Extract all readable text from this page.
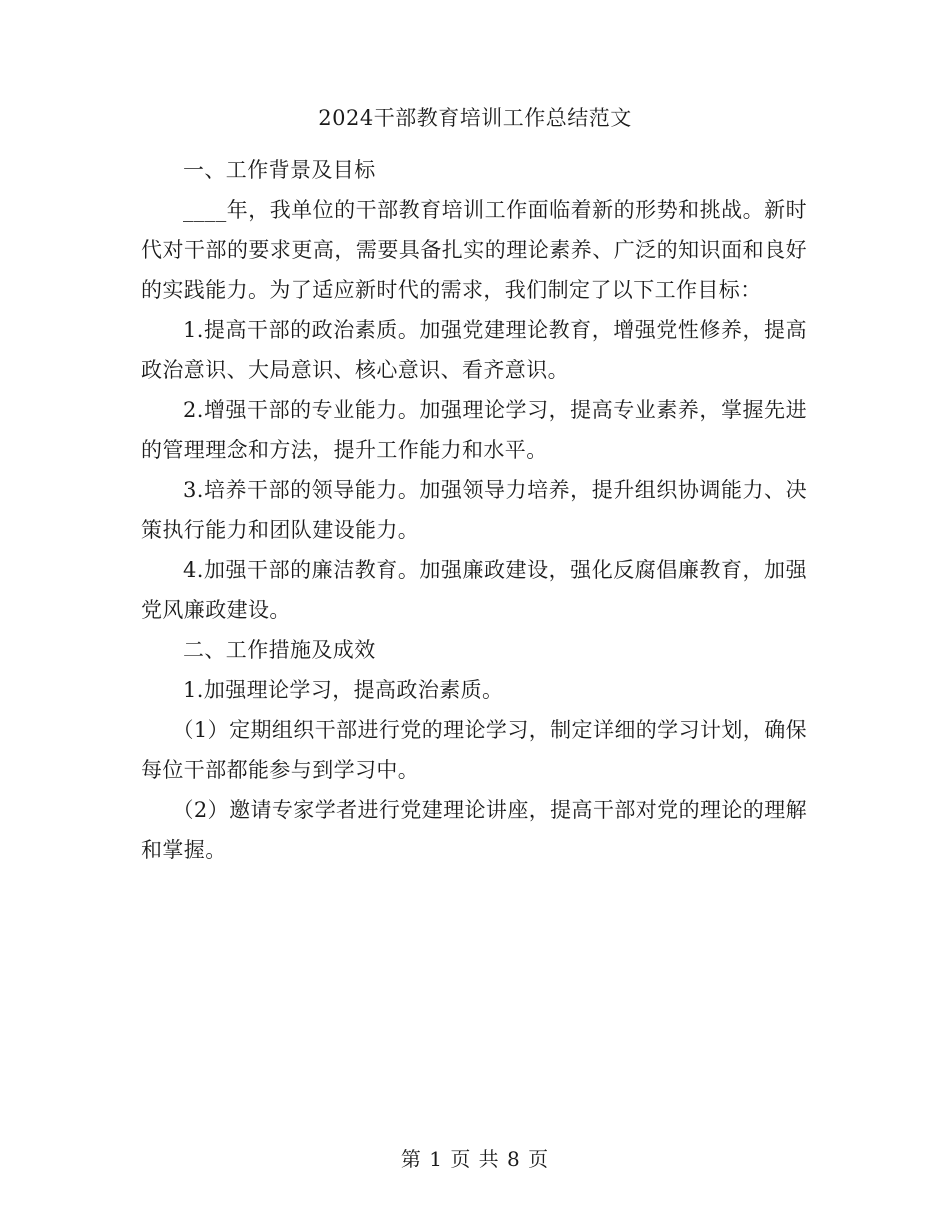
2024干部教育培训工作总结范文

一、工作背景及目标

____年，我单位的干部教育培训工作面临着新的形势和挑战。新时代对干部的要求更高，需要具备扎实的理论素养、广泛的知识面和良好的实践能力。为了适应新时代的需求，我们制定了以下工作目标：

1.提高干部的政治素质。加强党建理论教育，增强党性修养，提高政治意识、大局意识、核心意识、看齐意识。

2.增强干部的专业能力。加强理论学习，提高专业素养，掌握先进的管理理念和方法，提升工作能力和水平。

3.培养干部的领导能力。加强领导力培养，提升组织协调能力、决策执行能力和团队建设能力。

4.加强干部的廉洁教育。加强廉政建设，强化反腐倡廉教育，加强党风廉政建设。

二、工作措施及成效

1.加强理论学习，提高政治素质。

（1）定期组织干部进行党的理论学习，制定详细的学习计划，确保每位干部都能参与到学习中。

（2）邀请专家学者进行党建理论讲座，提高干部对党的理论的理解和掌握。

第 1 页 共 8 页
